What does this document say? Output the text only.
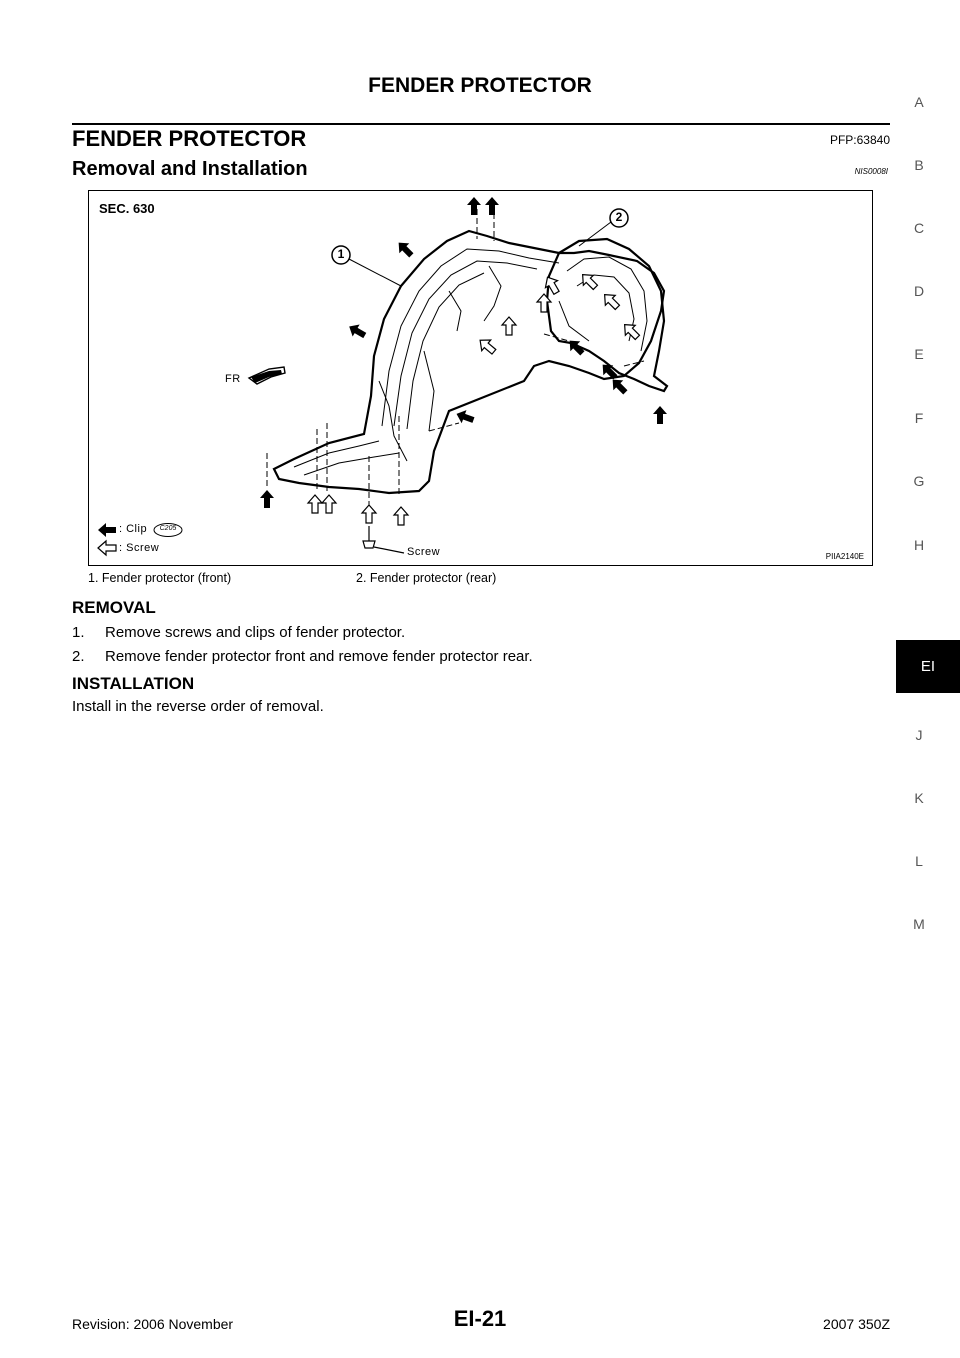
FENDER PROTECTOR
FENDER PROTECTOR	PFP:63840
Removal and Installation	NIS0008I
SEC. 630
1
2
FR
: Clip	C205
: Screw	Screw	PIIA2140E
1. Fender protector (front)	2. Fender protector (rear)
REMOVAL
1. Remove screws and clips of fender protector.
2. Remove fender protector front and remove fender protector rear.
INSTALLATION
Install in the reverse order of removal.
A
B
C
D
E
F
G
H
EI
J
K
L
M
Revision: 2006 November	EI-21	2007 350Z
